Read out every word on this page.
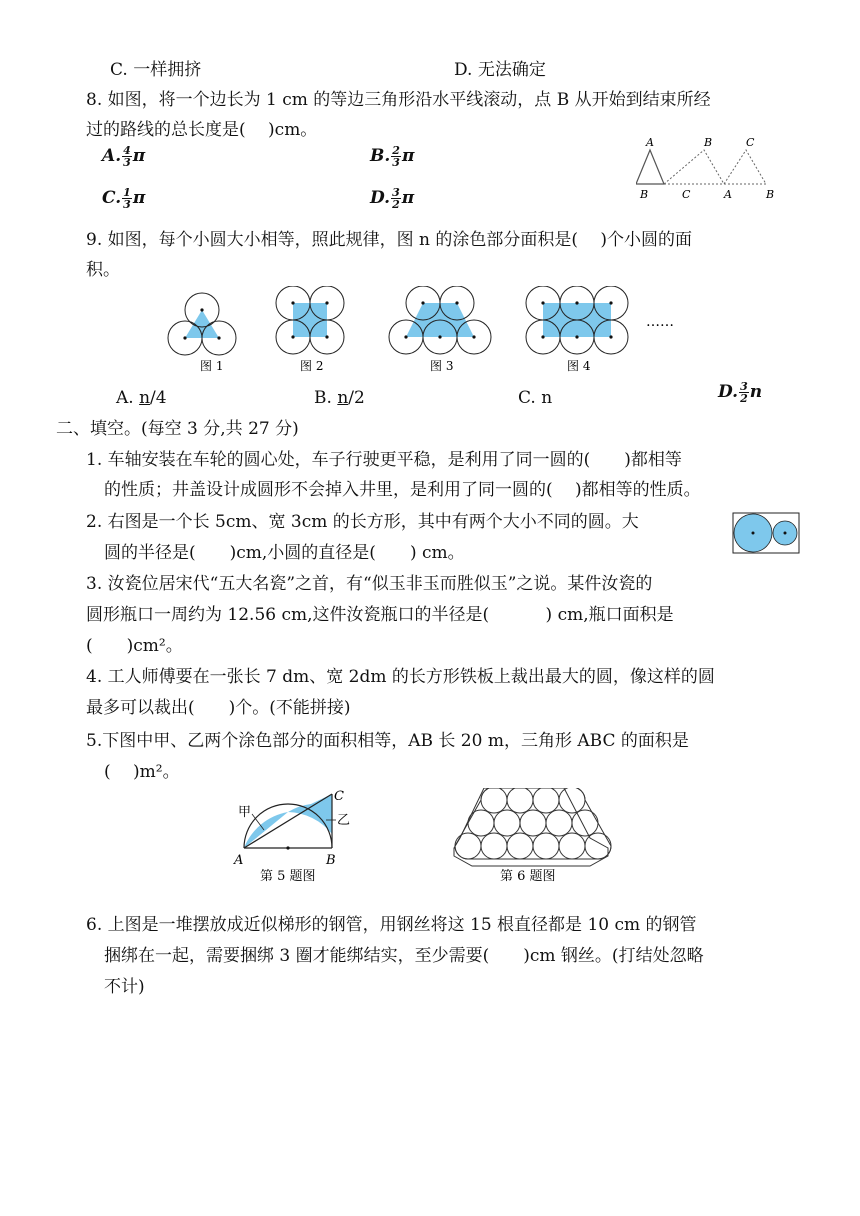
C. 一样拥挤	D. 无法确定
8. 如图，将一个边长为 1 cm 的等边三角形沿水平线滚动，点 B 从开始到结束所经
过的路线的总长度是(　 )cm。
A. $\frac{4}{3}$ π	B. $\frac{2}{3}$ π
C. $\frac{1}{3}$ π	D. $\frac{3}{2}$ π
A
B	C
B	C
A	B
9. 如图，每个小圆大小相等，照此规律，图 n 的涂色部分面积是(　 )个小圆的面
积。
图 1	图 2	图 3	图 4
……
A. n/4	B. n/2	C. n	D. $\frac{3}{2}$ n
二、填空。(每空 3 分,共 27 分)
1. 车轴安装在车轮的圆心处，车子行驶更平稳，是利用了同一圆的(　　)都相等
的性质；井盖设计成圆形不会掉入井里，是利用了同一圆的(　 )都相等的性质。
2. 右图是一个长 5cm、宽 3cm 的长方形，其中有两个大小不同的圆。大
圆的半径是(　　)cm,小圆的直径是(　　) cm。
3. 汝瓷位居宋代“五大名瓷”之首，有“似玉非玉而胜似玉”之说。某件汝瓷的
圆形瓶口一周约为 12.56 cm,这件汝瓷瓶口的半径是(　　　 ) cm,瓶口面积是
(　　)cm²。
4. 工人师傅要在一张长 7 dm、宽 2dm 的长方形铁板上裁出最大的圆，像这样的圆
最多可以裁出(　　)个。(不能拼接)
5.下图中甲、乙两个涂色部分的面积相等，AB 长 20 m，三角形 ABC 的面积是
(　 )m²。
甲
乙
A	B
C
第 5 题图	第 6 题图
6. 上图是一堆摆放成近似梯形的钢管，用钢丝将这 15 根直径都是 10 cm 的钢管
捆绑在一起，需要捆绑 3 圈才能绑结实，至少需要(　　)cm 钢丝。(打结处忽略
不计)
